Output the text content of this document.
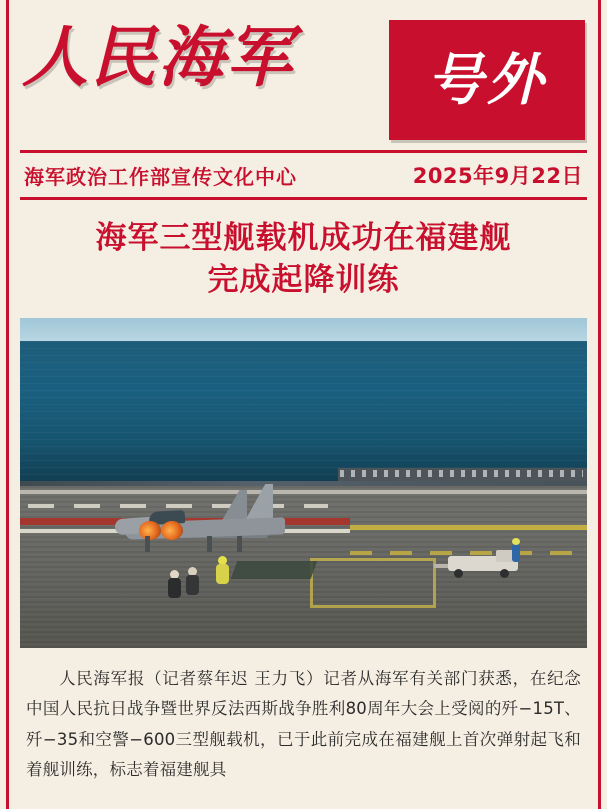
人民海军 号外
海军政治工作部宣传文化中心	2025年9月22日
海军三型舰载机成功在福建舰
完成起降训练
人民海军报（记者蔡年迟 王力飞）记者从海军有关部门获悉，在纪念中国人民抗日战争暨世界反法西斯战争胜利80周年大会上受阅的歼−15T、歼−35和空警−600三型舰载机，已于此前完成在福建舰上首次弹射起飞和着舰训练，标志着福建舰具
